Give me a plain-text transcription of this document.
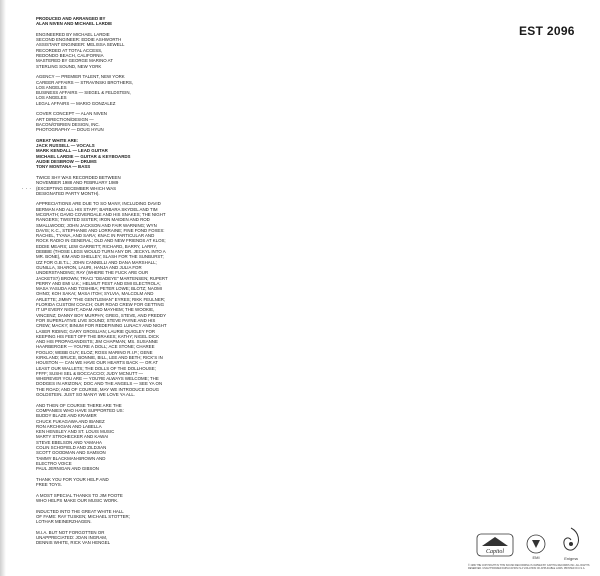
EST 2096
. . .
PRODUCED AND ARRANGED BY
ALAN NIVEN AND MICHAEL LARDIE
ENGINEERED BY MICHAEL LARDIE
SECOND ENGINEER: EDDIE ASHWORTH
ASSISTANT ENGINEER: MELISSA SEWELL
RECORDED AT TOTAL ACCESS,
REDONDO BEACH, CALIFORNIA
MASTERED BY GEORGE MARINO AT
STERLING SOUND, NEW YORK
AGENCY — PREMIER TALENT, NEW YORK
CAREER AFFAIRS — STRAVINSKI BROTHERS,
LOS ANGELES
BUSINESS AFFAIRS — SIEGEL & FELDSTEIN,
LOS ANGELES
LEGAL AFFAIRS — MARIO GONZALEZ
COVER CONCEPT — ALAN NIVEN
ART DIRECTION/DESIGN —
BACON/O'BRIEN DESIGN, INC.
PHOTOGRAPHY — DOUG HYUN
GREAT WHITE ARE:
JACK RUSSELL — VOCALS
MARK KENDALL — LEAD GUITAR
MICHAEL LARDIE — GUITAR & KEYBOARDS
AUDIE DESBROW — DRUMS
TONY MONTANA — BASS
TWICE SHY WAS RECORDED BETWEEN
NOVEMBER 1988 AND FEBRUARY 1989
(EXCEPTING DECEMBER WHICH WAS
DESIGNATED PARTY MONTH).
APPRECIATIONS ARE DUE TO SO MANY, INCLUDING DAVID BERMAN AND ALL HIS STAFF; BARBARA SKYDEL AND TIM MCGRATH; DAVID COVERDALE AND HIS SNAKES; THE NIGHT RANGERS; TWISTED SISTER; IRON MAIDEN AND ROD SMALLWOOD; JOHN JACKSON AND FAIR WARNING; WYN DAVIS; K.C., STEPHANIE AND LORRAINE; FINE FOND FOXES: RACHEL, TYANA, AND SARA; KNAC IN PARTICULAR AND ROCK RADIO IN GENERAL; OLD AND NEW FRIENDS AT KLOS; EDDIE MEARS; LEW GARRETT; RICHARD, BARRY, LARRY, DEBBIE (THOSE LEGS WOULD TURN ANY DR. JECKYL INTO A MR. BONE), KIM AND SHELLEY; SLASH FOR THE SUNBURST; IZZ FOR G.B.T.L.; JOHN CANNELLI AND DANA MARSHALL; GUNILLA, SHARON, LAURI, HANJA AND JULIA FOR UNDERSTANDING; RAY (WHERE THE FUCK ARE OUR JACKETS?) BROWN; TRACI "DEADEYE" MARTENSEN; RUPERT PERRY AND EMI U.K.; HELMUT FEST AND EMI ELECTROLA; MASA YASUDA AND TOSHIBA; PETER LOWE; BLOTZ; NAOMI OHNO; KOH SAKAI; MASA ITOH; SYLVIA, MALCOLM AND ARLETTE; JIMMY "THE GENTLEMAN" EYRES; RIKK FEULNER; FLORIDA CUSTOM COACH; OUR ROAD CREW FOR GETTING IT UP EVERY NIGHT; ADAM AND MAYHEM; THE WOOKIE, VINCENZ; DANNY BOY MURPHY, GREG, STEVE, AND FREDDY FOR SUPERLATIVE LIVE SOUND; STEVE PAYNE AND HIS CREW; MACKY; BINUM FOR REDEFINING LUNACY AND NIGHT LASER RIDING; GARY GROSLIAN; LAURIE QUIGLEY FOR KEEPING HIS FEET OFF THE BRAKES; KATHY; NIGEL DICK AND HIS PROPAGANDISTS; JIM CHAPMAN; MS. SUSANNE HAARBERGER — YOU'RE A DOLL; ACE STONE; CHAREE FOGLIO; WEBB GUY; ELOZ; ROSS MARINO R.I.P.; GENE KIRKLAND; BRUCE, BONNIE, BILL, LEE AND BETH; RICK'S IN HOUSTON — CAN WE HAVE OUR HEARTS BACK — OR AT LEAST OUR WALLETS; THE DOLLS OF THE DOLLHOUSE; FFFF; SUSHI SEL & BOCCACCIO; JUDY MCNUTT — WHEREVER YOU ARE — YOU'RE ALWAYS WELCOME; THE DODGES IN ARIZONA; DOC AND THE ANGELS — SEE YA ON THE ROAD; AND OF COURSE, MAY WE INTRODUCE DOUG GOLDSTEIN. JUST SO MANY! WE LOVE YA ALL.
AND THEN OF COURSE THERE ARE THE
COMPANIES WHO HAVE SUPPORTED US:
BUDDY BLAZE AND KRAMER
CHUCK FUKAGAWA AND IBANEZ
RON ARCHIGIAN AND LABELLA
KEN HENSLEY AND ST. LOUIS MUSIC
MARTY STROHECKER AND KAWAI
STEVE EBELSON AND YAMAHA
COLIN SCHOFIELD AND ZILDJIAN
SCOTT GOODMAN AND SAMSON
TAMMY BLACKMAN-BROWN AND
ELECTRO VOICE
PAUL JERNIGAN AND GIBSON
THANK YOU FOR YOUR HELP AND
FREE TOYS.
A MOST SPECIAL THANKS TO JIM FOOTE
WHO HELPS MAKE OUR MUSIC WORK.
INDUCTED INTO THE GREAT WHITE HALL
OF FAME: RAY TUSKEN; MICHAEL STOTTER;
LOTHAR MEINERZHAGEN.
M.I.A. BUT NOT FORGOTTEN OR
UNAPPRECIATED: JOAN INGRAM,
DENNIS WHITE, RICK VAN HENGEL
Capitol
EMI	Enigma
© 1989 THE COPYRIGHT IN THIS SOUND RECORDING IS OWNED BY CAPITOL RECORDS INC. ALL RIGHTS RESERVED. UNAUTHORIZED DUPLICATION IS A VIOLATION OF APPLICABLE LAWS. PRINTED IN U.S.A.
